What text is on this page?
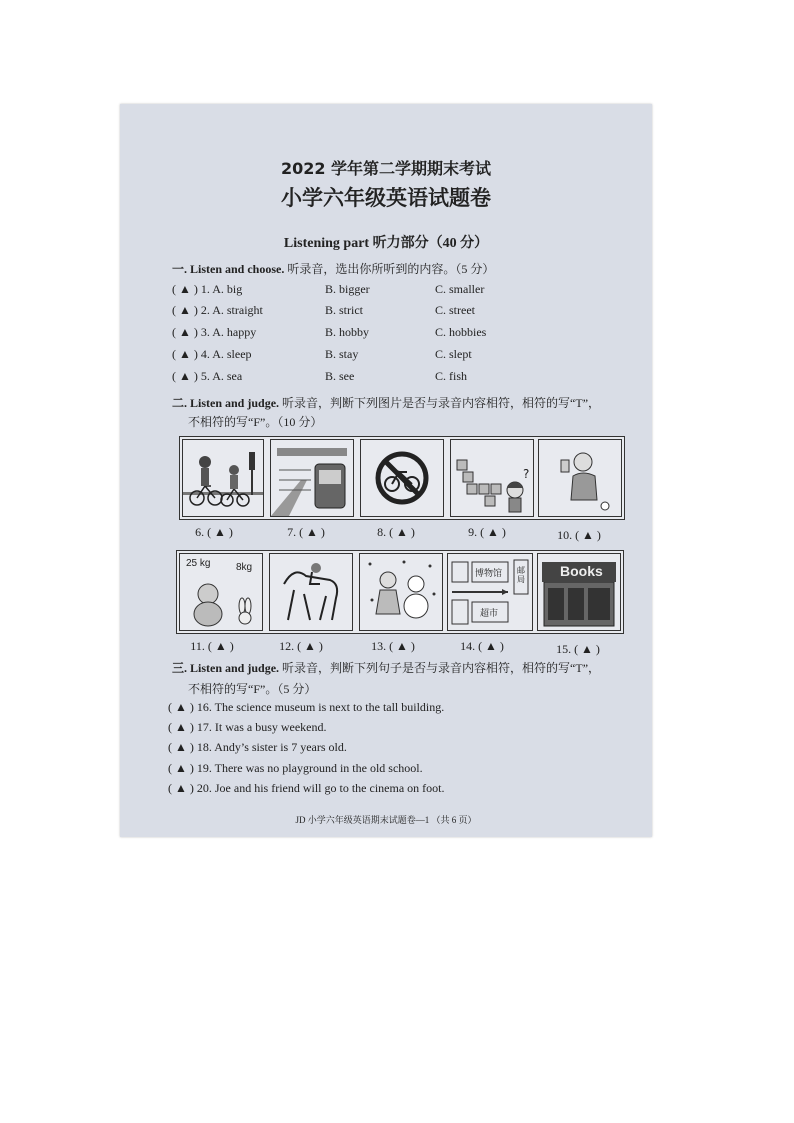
2022 学年第二学期期末考试
小学六年级英语试题卷
Listening part 听力部分（40 分）
一. Listen and choose. 听录音，选出你所听到的内容。（5 分）
( ▲ ) 1. A. big	B. bigger	C. smaller
( ▲ ) 2. A. straight	B. strict	C. street
( ▲ ) 3. A. happy	B. hobby	C. hobbies
( ▲ ) 4. A. sleep	B. stay	C. slept
( ▲ ) 5. A. sea	B. see	C. fish
二. Listen and judge. 听录音，判断下列图片是否与录音内容相符，相符的写“T”，
不相符的写“F”。（10 分）
?
6. ( ▲ )	7. ( ▲ )	8. ( ▲ )	9. ( ▲ )	10. ( ▲ )
25 kg	8kg
博物馆 邮局
超市
Books
11. ( ▲ )	12. ( ▲ )	13. ( ▲ )	14. ( ▲ )	15. ( ▲ )
三. Listen and judge. 听录音，判断下列句子是否与录音内容相符，相符的写“T”，
不相符的写“F”。（5 分）
( ▲ ) 16. The science museum is next to the tall building.
( ▲ ) 17. It was a busy weekend.
( ▲ ) 18. Andy’s sister is 7 years old.
( ▲ ) 19. There was no playground in the old school.
( ▲ ) 20. Joe and his friend will go to the cinema on foot.
JD 小学六年级英语期末试题卷—1 （共 6 页）
